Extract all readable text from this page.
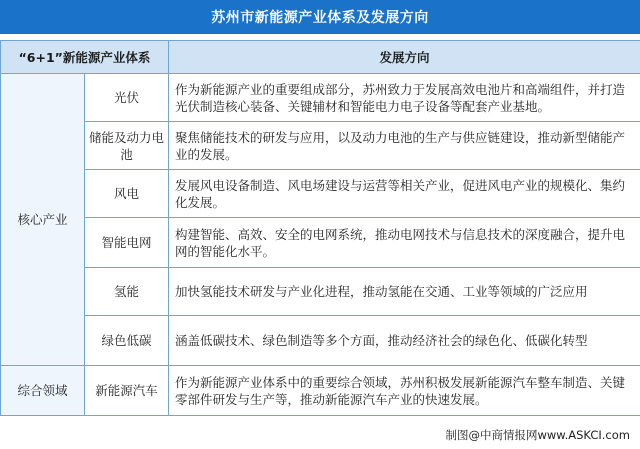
苏州市新能源产业体系及发展方向
“6+1”新能源产业体系		发展方向
核心产业	光伏	作为新能源产业的重要组成部分，苏州致力于发展高效电池片和高端组件，并打造光伏制造核心装备、关键辅材和智能电力电子设备等配套产业基地。
	储能及动力电池	聚焦储能技术的研发与应用，以及动力电池的生产与供应链建设，推动新型储能产业的发展。
	风电	发展风电设备制造、风电场建设与运营等相关产业，促进风电产业的规模化、集约化发展。
	智能电网	构建智能、高效、安全的电网系统，推动电网技术与信息技术的深度融合，提升电网的智能化水平。
	氢能	加快氢能技术研发与产业化进程，推动氢能在交通、工业等领域的广泛应用
	绿色低碳	涵盖低碳技术、绿色制造等多个方面，推动经济社会的绿色化、低碳化转型
综合领域	新能源汽车	作为新能源产业体系中的重要综合领域，苏州积极发展新能源汽车整车制造、关键零部件研发与生产等，推动新能源汽车产业的快速发展。
制图@中商情报网www.ASKCI.com
